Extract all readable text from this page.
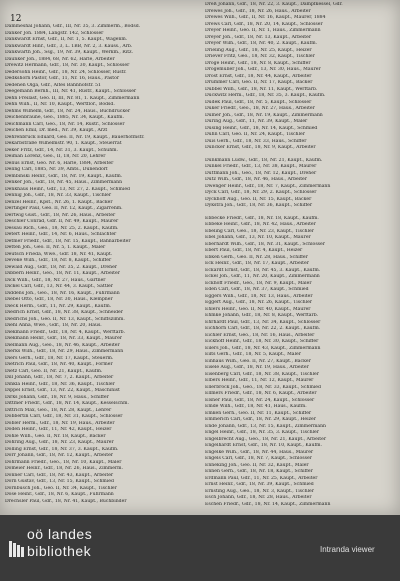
12
Dammeshal Johann, Gdr., III, Nr. 35, 3. Zimmerm., Bodsd.
Danker Joh. 1884, Langstr. 142, Schlosser
Dankwardt Ernst, Gdr., II, Nr. 1, 5. Kaupt., Wagenm.
Dankwardt Hinr., Gdr., 3, L. 1BB, Nr. 2, 3. Kauss., Arb.
Dankwarth Joh., Ssg., 19, Nr. 39, Kaupt., Werkm., Ritz.
Daunker Joh., 1884, 68, Nr. 62, Harle, Arbeiter
Drewitz Hermann, Gdr., 18, Nr. 30, Kaupt., Schlosser
Dedersohn Heinr., Gdr., 18, Nr. 24, Schlosser, Rüstr.
Dedkshorn Pastor, Gdr., 11, Nr. 16, Haus., Pastor
Dedenen Olga, Gdr., Altes Bahnhofstr. 51
Deegemann Bernh., III, Nr. 41, Rüstr., Kaupt., Schlosser
Dehn Freilast, Geo. II, III, Nr. 81, 1. Kaupt., Zimmermann
Dehn Wilh., II, Nr. 10, Kaupt., Wertflor., Bodsd.
Dehms Wilhelm, Gdr., 18, Nr. 24, Haus., Buchdrucker
Deichenbraune, Geo., 1885, Nr. 34, Kaupt., Kaufm.
Deichmann Carl, Geo., 18, Nr. 14, Rüstr., Schlosser
Deichen Emil, Dr. med., Nr. 39, Kaupt., Arzt
Dehrenbruck Eduard, Geo. II, Nr. 19, Kaupt., Bauerhofmstr.
Dekarbstraße Wilhelmstr. 90, 1. Kaupt., Steuerrat
Deker Fritz, Gdr., 14, Nr. 31, 3. Kaupt., Schuhm.
Deiman Lorenz, Geo., II, 18, Nr. 20, Lehrer
Delius Ernst, Geo. Nr. 6, Harle, 1884, Arbeiter
Deling Carl, 1885, Nr. 39, Amts., Dünendorf
Dembinski Heinr., Gdr., 18, Nr. 19, Kaupt., Kaufm.
Denker Joh., Gdr., 18, Nr. 45, Haus., Zimmermann
Denkhaus Heinr., Gdr., 13, Nr. 27, 2. Kaupt., Schmied
Dennig Joh., Gdr., 18, Nr. 33, Kaupt., Tischler
Denzel Heinr., Kpst., Nr. 26, 1. Kaupt., Bäcker
Dertinger Paul, Geo. II, Nr. 12, Kaupt., Zigarrenm.
Dertwig Gust., Gdr., 18, Nr. 26, Haus., Arbeiter
Deschler Conrad, Gdr. II, Nr. 49, Kaupt., Maurer
Dessau Rich., Geo., 18, Nr. 25, 2. Kaupt., Kaufm.
Detert Heinr., Gdr., 14, Nr. 6, Haus., Schlachter
Detmer Friedr., Gdr., 18, Nr. 15, Kaupt., Bahnarbeiter
Detten Joh., Geo. II, Nr. 5, 1. Kaupt., Maler
Deutsch Frieda, Wwe., Gdr. 18, Nr. 41, Kaupt.
Deveke Wilh., Gdr., 18, Nr. 8, Kaupt., Schiffer
Dewald Aug., Gdr., 18, Nr. 35, 2. Kaupt., Dreher
Dibbern Heinr., Geo., 18, Nr. 11, Kaupt., Arbeiter
Dick Wilh., Gdr., 18, Nr. 27, Haus., Gärtner
Dickel Carl, Gdr., 13, Nr. 44, 3. Kaupt., Sattler
Diddens Joh., Geo., 18, Nr. 16, Kaupt., Fuhrmann
Diebel Otto, Gdr., 18, Nr. 30, Haus., Klempner
Dieck Herm., Gdr., 11, Nr. 29, Kaupt., Kaufm.
Diedrich Ernst, Gdr., 18, Nr. 38, Kaupt., Schneider
Diedrichs Joh., Geo. II, Nr. 13, Kaupt., Schiffszimm.
Diehl Anna, Wwe., Gdr., 18, Nr. 20, Haus.
Diekmann Friedr., Gdr., 18, Nr. 4, Kaupt., Werftarb.
Diekmann Heinr., Gdr., 18, Nr. 33, Kaupt., Maurer
Dielmann Aug., Geo., 18, Nr. 46, Kaupt., Arbeiter
Dierks Wilh., Gdr., 18, Nr. 29, Haus., Zimmermann
Diers Gerh., Gdr., 18, Nr. 17, Kaupt., Steuerm.
Dietrich Paul, Gdr., 18, Nr. 40, Kaupt., Former
Dietz Carl, Geo. II, Nr. 21, Kaupt., Kaufm.
Dill Johann, Gdr., 18, Nr. 7, 2. Kaupt., Arbeiter
Dinkla Heinr., Gdr., 18, Nr. 36, Kaupt., Tischler
Dippel Ernst, Gdr., 13, Nr. 22, Kaupt., Maschinist
Dirks Johann, Gdr., 18, Nr. 9, Haus., Schiffer
Dittmer Friedr., Gdr., 18, Nr. 14, Kaupt., Kesselschm.
Dittrich Max, Geo., 18, Nr. 28, Kaupt., Lehrer
Dobbertin Carl, Gdr., 18, Nr. 31, Kaupt., Schlosser
Dobler Herm., Gdr., 18, Nr. 19, Haus., Arbeiter
Doden Heinr., Gdr., 11, Nr. 42, Kaupt., Heizer
Döhle Wilh., Geo. II, Nr. 18, Kaupt., Bäcker
Döhring Aug., Gdr., 18, Nr. 23, Kaupt., Maurer
Dölling Ernst, Gdr., 18, Nr. 37, 3. Kaupt., Kaufm.
Dörr Johann, Gdr., 18, Nr. 12, Kaupt., Arbeiter
Dohrmann Friedr., Geo., 18, Nr. 10, Kaupt., Maler
Domeier Heinr., Gdr., 18, Nr. 26, Haus., Zimmerm.
Donner Carl, Gdr., 18, Nr. 43, Kaupt., Arbeiter
Dorn Gustav, Gdr., 13, Nr. 15, Kaupt., Schmied
Dornbusch Joh., Geo. II, Nr. 34, Kaupt., Tischler
Dose Heinr., Gdr., 18, Nr. 6, Kaupt., Fuhrmann
Drechsler Paul, Gdr., 18, Nr. 41, Kaupt., Buchbinder
Dreß Johann, Gdr., 18, Nr. 22, 3. Kaupt., Dampfkessel, Gdr.
Drewes Joh., Gdr., 18, Nr. 26, Haus., Arbeiter
Drewes Wilh., Gdr., II, Nr. 16, Kaupt., Maurer, 1884
Drews Carl, Gdr., 18, Nr. 20, 14, Kaupt., Schlosser
Dreyer Heinr., Geo. II, Nr. 1, Haus., Zimmermann
Dreyer Joh., Gdr., 18, Nr. 13, Kaupt., Arbeiter
Dreyer Wilh., Gdr., 18, Nr. 40, 2. Kaupt., Kaufm.
Drieling Aug., Gdr., 18, Nr. 25, Kaupt., Heizer
Driever Fritz, Geo., 18, Nr. 32, Kaupt., Tischler
Dröge Heinr., Gdr., 18, Nr. 8, Kaupt., Schiffer
Drögemüller Joh., Gdr., 13, Nr. 30, Haus., Maurer
Drost Ernst, Gdr., 18, Nr. 44, Kaupt., Arbeiter
Drümmer Carl, Geo. II, Nr. 17, Kaupt., Bäcker
Dubbel Wilh., Gdr., 18, Nr. 11, Kaupt., Werftarb.
Duckwitz Herm., Gdr., 18, Nr. 35, 3. Kaupt., Kaufm.
Dudek Paul, Gdr., 18, Nr. 5, Kaupt., Schlosser
Düker Friedr., Geo., 18, Nr. 27, Haus., Arbeiter
Dümer Joh., Gdr., 18, Nr. 19, Kaupt., Zimmermann
Düring Aug., Gdr., 11, Nr. 39, Kaupt., Maler
Düsing Heinr., Gdr., 18, Nr. 14, Kaupt., Schmied
Duhn Carl, Geo. II, Nr. 24, Kaupt., Tischler
Duis Gerh., Gdr., 18, Nr. 33, Haus., Schiffer
Duncker Ernst, Gdr., 18, Nr. 9, Kaupt., Arbeiter
Dunkmann Ludw., Gdr., 18, Nr. 21, Kaupt., Kaufm.
Dunkel Friedr., Gdr., 13, Nr. 38, Kaupt., Maurer
Duttmann Joh., Geo., 18, Nr. 12, Kaupt., Dreher
Dutz Wilh., Gdr., 18, Nr. 46, Haus., Arbeiter
Dwenger Heinr., Gdr., 18, Nr. 7, Kaupt., Zimmermann
Dyck Carl, Gdr., 18, Nr. 29, 2. Kaupt., Schlosser
Dyckhoff Aug., Geo. II, Nr. 15, Kaupt., Bäcker
Dykstra Joh., Gdr., 18, Nr. 36, Kaupt., Schiffer
Ebbecke Friedr., Gdr., 18, Nr. 18, Kaupt., Kaufm.
Ebbeke Heinr., Gdr., 18, Nr. 42, Haus., Arbeiter
Ebeling Carl, Geo., 18, Nr. 23, Kaupt., Tischler
Ebel Johann, Gdr., 13, Nr. 10, Kaupt., Maurer
Eberhardt Wilh., Gdr., 18, Nr. 31, Kaupt., Schlosser
Ebert Paul, Gdr., 18, Nr. 4, Kaupt., Heizer
Ebken Gerh., Geo. II, Nr. 28, Haus., Schiffer
Eck Heinr., Gdr., 18, Nr. 17, Kaupt., Arbeiter
Eckardt Ernst, Gdr., 18, Nr. 45, 3. Kaupt., Kaufm.
Eckel Joh., Gdr., 11, Nr. 20, Kaupt., Zimmermann
Eckhoff Friedr., Geo., 18, Nr. 9, Kaupt., Maler
Eden Carl, Gdr., 18, Nr. 37, Kaupt., Schmied
Eggers Wilh., Gdr., 18, Nr. 13, Haus., Arbeiter
Eggert Aug., Gdr., 18, Nr. 26, Kaupt., Tischler
Ehlers Heinr., Geo. II, Nr. 40, Kaupt., Maurer
Ehmke Johann, Gdr., 18, Nr. 8, Kaupt., Werftarb.
Ehrhardt Paul, Gdr., 13, Nr. 34, Kaupt., Schlosser
Eichhorn Carl, Gdr., 18, Nr. 22, 2. Kaupt., Kaufm.
Eichler Ernst, Geo., 18, Nr. 16, Haus., Arbeiter
Eickhoff Heinr., Gdr., 18, Nr. 30, Kaupt., Schiffer
Eilers Joh., Gdr., 18, Nr. 43, Kaupt., Zimmermann
Eilts Gerh., Gdr., 18, Nr. 5, Kaupt., Maler
Einhaus Wilh., Geo. II, Nr. 27, Kaupt., Bäcker
Eisele Aug., Gdr., 18, Nr. 19, Haus., Arbeiter
Eisenberg Carl, Gdr., 18, Nr. 38, Kaupt., Tischler
Elbers Heinr., Gdr., 11, Nr. 12, Kaupt., Maurer
Ellerbrock Joh., Geo., 18, Nr. 33, Kaupt., Schmied
Ellmers Friedr., Gdr., 18, Nr. 6, Kaupt., Arbeiter
Elsner Paul, Gdr., 18, Nr. 24, Kaupt., Schlosser
Emde Wilh., Gdr., 18, Nr. 41, Haus., Kaufm.
Emken Gerh., Geo. II, Nr. 11, Kaupt., Schiffer
Emmerich Carl, Gdr., 18, Nr. 29, Kaupt., Heizer
Ende Johann, Gdr., 13, Nr. 15, Kaupt., Zimmermann
Engel Heinr., Gdr., 18, Nr. 35, 3. Kaupt., Tischler
Engelbrecht Aug., Geo., 18, Nr. 21, Kaupt., Arbeiter
Engelhardt Ernst, Gdr., 18, Nr. 10, Kaupt., Kaufm.
Engelke Wilh., Gdr., 18, Nr. 44, Haus., Maurer
Engels Carl, Gdr., 18, Nr. 7, Kaupt., Schlosser
Enneking Joh., Geo. II, Nr. 32, Kaupt., Maler
Ennen Gerh., Gdr., 18, Nr. 18, Kaupt., Schiffer
Erdmann Paul, Gdr., 11, Nr. 25, Kaupt., Arbeiter
Ernst Heinr., Gdr., 18, Nr. 39, Kaupt., Schmied
Ernsting Aug., Geo., 18, Nr. 3, Kaupt., Tischler
Esch Johann, Gdr., 18, Nr. 28, Haus., Arbeiter
Eschen Friedr., Gdr., 18, Nr. 14, Kaupt., Zimmermann
oö landes
bibliothek	Intranda viewer
